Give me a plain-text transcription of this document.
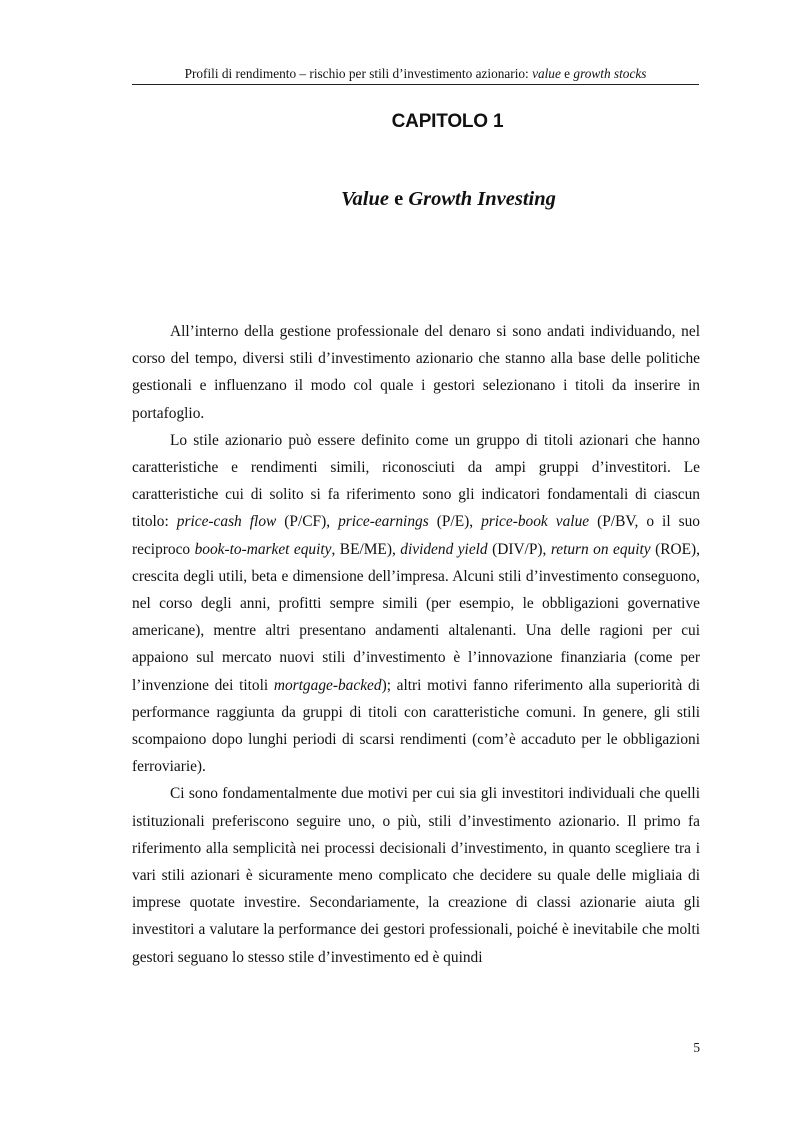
Profili di rendimento – rischio per stili d’investimento azionario: value e growth stocks
CAPITOLO 1
Value e Growth Investing

All’interno della gestione professionale del denaro si sono andati individuando, nel corso del tempo, diversi stili d’investimento azionario che stanno alla base delle politiche gestionali e influenzano il modo col quale i gestori selezionano i titoli da inserire in portafoglio.

Lo stile azionario può essere definito come un gruppo di titoli azionari che hanno caratteristiche e rendimenti simili, riconosciuti da ampi gruppi d’investitori. Le caratteristiche cui di solito si fa riferimento sono gli indicatori fondamentali di ciascun titolo: price-cash flow (P/CF), price-earnings (P/E), price-book value (P/BV, o il suo reciproco book-to-market equity, BE/ME), dividend yield (DIV/P), return on equity (ROE), crescita degli utili, beta e dimensione dell’impresa. Alcuni stili d’investimento conseguono, nel corso degli anni, profitti sempre simili (per esempio, le obbligazioni governative americane), mentre altri presentano andamenti altalenanti. Una delle ragioni per cui appaiono sul mercato nuovi stili d’investimento è l’innovazione finanziaria (come per l’invenzione dei titoli mortgage-backed); altri motivi fanno riferimento alla superiorità di performance raggiunta da gruppi di titoli con caratteristiche comuni. In genere, gli stili scompaiono dopo lunghi periodi di scarsi rendimenti (com’è accaduto per le obbligazioni ferroviarie).

Ci sono fondamentalmente due motivi per cui sia gli investitori individuali che quelli istituzionali preferiscono seguire uno, o più, stili d’investimento azionario. Il primo fa riferimento alla semplicità nei processi decisionali d’investimento, in quanto scegliere tra i vari stili azionari è sicuramente meno complicato che decidere su quale delle migliaia di imprese quotate investire. Secondariamente, la creazione di classi azionarie aiuta gli investitori a valutare la performance dei gestori professionali, poiché è inevitabile che molti gestori seguano lo stesso stile d’investimento ed è quindi

5
